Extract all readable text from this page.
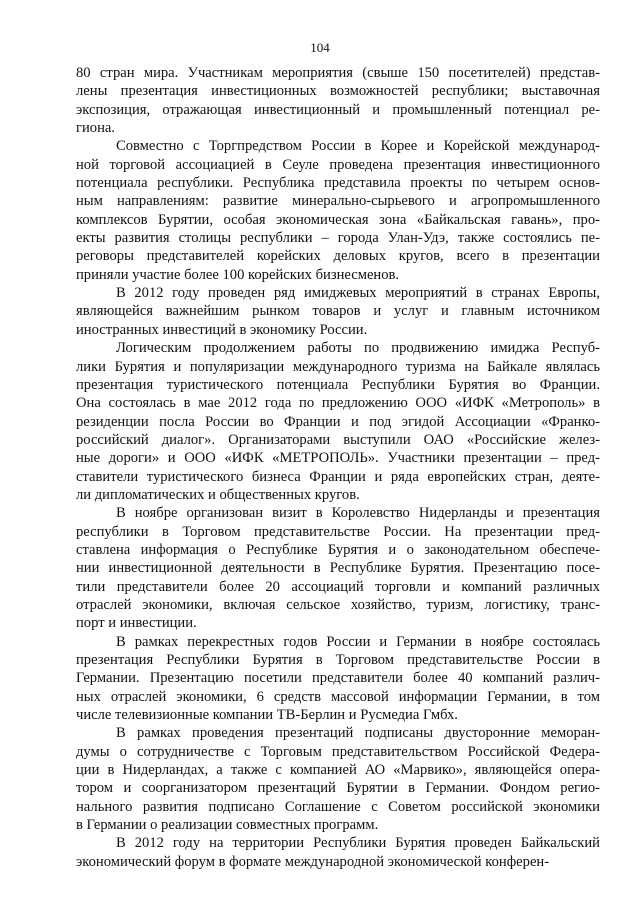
104
80 стран мира. Участникам мероприятия (свыше 150 посетителей) представ-
лены презентация инвестиционных возможностей республики; выставочная
экспозиция, отражающая инвестиционный и промышленный потенциал ре-
гиона.
Совместно с Торгпредством России в Корее и Корейской международ-
ной торговой ассоциацией в Сеуле проведена презентация инвестиционного
потенциала республики. Республика представила проекты по четырем основ-
ным направлениям: развитие минерально-сырьевого и агропромышленного
комплексов Бурятии, особая экономическая зона «Байкальская гавань», про-
екты развития столицы республики – города Улан-Удэ, также состоялись пе-
реговоры представителей корейских деловых кругов, всего в презентации
приняли участие более 100 корейских бизнесменов.
В 2012 году проведен ряд имиджевых мероприятий в странах Европы,
являющейся важнейшим рынком товаров и услуг и главным источником
иностранных инвестиций в экономику России.
Логическим продолжением работы по продвижению имиджа Респуб-
лики Бурятия и популяризации международного туризма на Байкале являлась
презентация туристического потенциала Республики Бурятия во Франции.
Она состоялась в мае 2012 года по предложению ООО «ИФК «Метрополь» в
резиденции посла России во Франции и под эгидой Ассоциации «Франко-
российский диалог». Организаторами выступили ОАО «Российские желез-
ные дороги» и ООО «ИФК «МЕТРОПОЛЬ». Участники презентации – пред-
ставители туристического бизнеса Франции и ряда европейских стран, деяте-
ли дипломатических и общественных кругов.
В ноябре организован визит в Королевство Нидерланды и презентация
республики в Торговом представительстве России. На презентации пред-
ставлена информация о Республике Бурятия и о законодательном обеспече-
нии инвестиционной деятельности в Республике Бурятия. Презентацию посе-
тили представители более 20 ассоциаций торговли и компаний различных
отраслей экономики, включая сельское хозяйство, туризм, логистику, транс-
порт и инвестиции.
В рамках перекрестных годов России и Германии в ноябре состоялась
презентация Республики Бурятия в Торговом представительстве России в
Германии. Презентацию посетили представители более 40 компаний различ-
ных отраслей экономики, 6 средств массовой информации Германии, в том
числе телевизионные компании ТВ-Берлин и Русмедиа Гмбх.
В рамках проведения презентаций подписаны двусторонние меморан-
думы о сотрудничестве с Торговым представительством Российской Федера-
ции в Нидерландах, а также с компанией АО «Марвико», являющейся опера-
тором и соорганизатором презентаций Бурятии в Германии. Фондом регио-
нального развития подписано Соглашение с Советом российской экономики
в Германии о реализации совместных программ.
В 2012 году на территории Республики Бурятия проведен Байкальский
экономический форум в формате международной экономической конферен-
